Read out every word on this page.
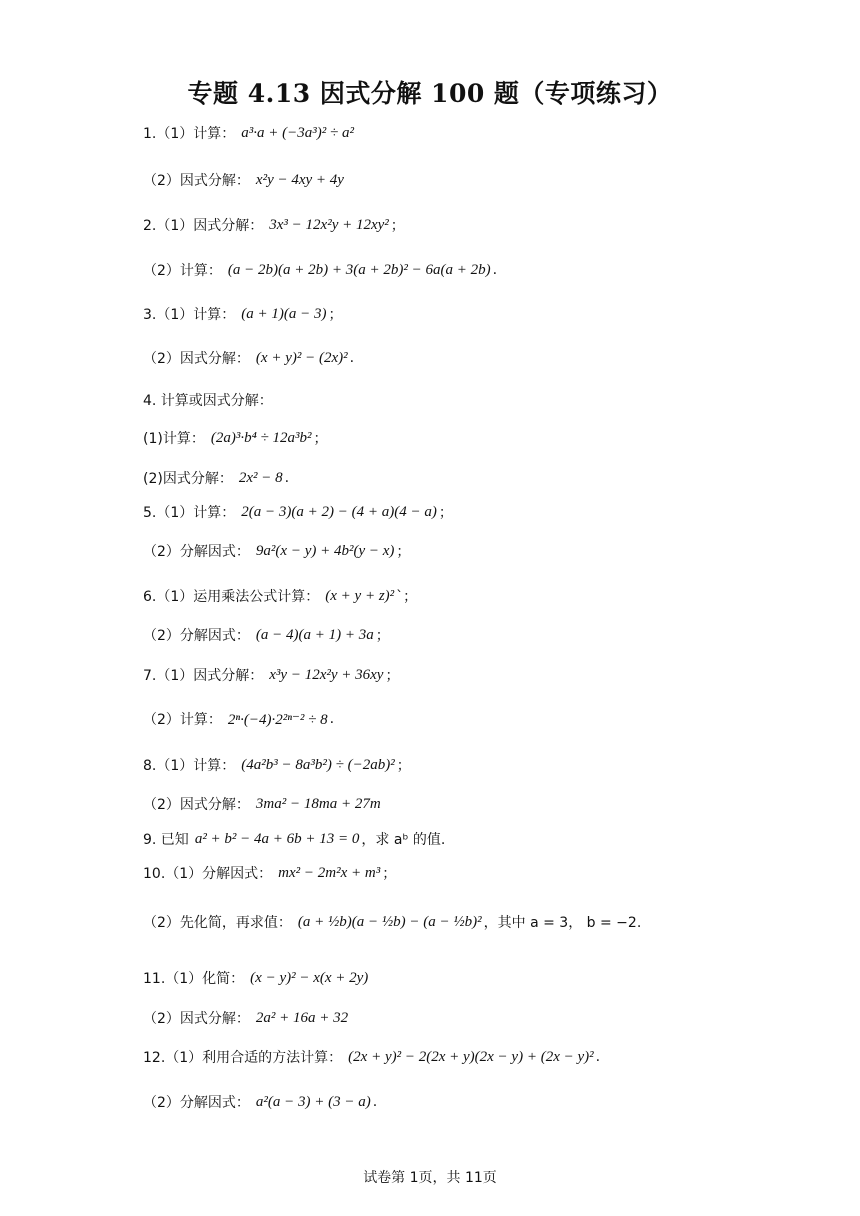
专题 4.13 因式分解 100 题（专项练习）
1.（1）计算： a³·a + (−3a³)² ÷ a²
（2）因式分解： x²y − 4xy + 4y
2.（1）因式分解： 3x³ − 12x²y + 12xy² ；
（2）计算： (a − 2b)(a + 2b) + 3(a + 2b)² − 6a(a + 2b) .
3.（1）计算： (a + 1)(a − 3) ；
（2）因式分解： (x + y)² − (2x)² .
4. 计算或因式分解：
(1)计算： (2a)³·b⁴ ÷ 12a³b² ；
(2)因式分解： 2x² − 8 .
5.（1）计算： 2(a − 3)(a + 2) − (4 + a)(4 − a) ；
（2）分解因式： 9a²(x − y) + 4b²(y − x) ；
6.（1）运用乘法公式计算： (x + y + z)² `；
（2）分解因式： (a − 4)(a + 1) + 3a ；
7.（1）因式分解： x³y − 12x²y + 36xy ；
（2）计算： 2ⁿ·(−4)·2²ⁿ⁻² ÷ 8 .
8.（1）计算： (4a²b³ − 8a³b²) ÷ (−2ab)² ；
（2）因式分解： 3ma² − 18ma + 27m
9. 已知 a² + b² − 4a + 6b + 13 = 0 ，求 aᵇ 的值.
10.（1）分解因式： mx² − 2m²x + m³ ；
（2）先化简，再求值： (a + ½b)(a − ½b) − (a − ½b)² ，其中 a = 3， b = −2.
11.（1）化简： (x − y)² − x(x + 2y)
（2）因式分解： 2a² + 16a + 32
12.（1）利用合适的方法计算： (2x + y)² − 2(2x + y)(2x − y) + (2x − y)² .
（2）分解因式： a²(a − 3) + (3 − a) .
试卷第 1页，共 11页
